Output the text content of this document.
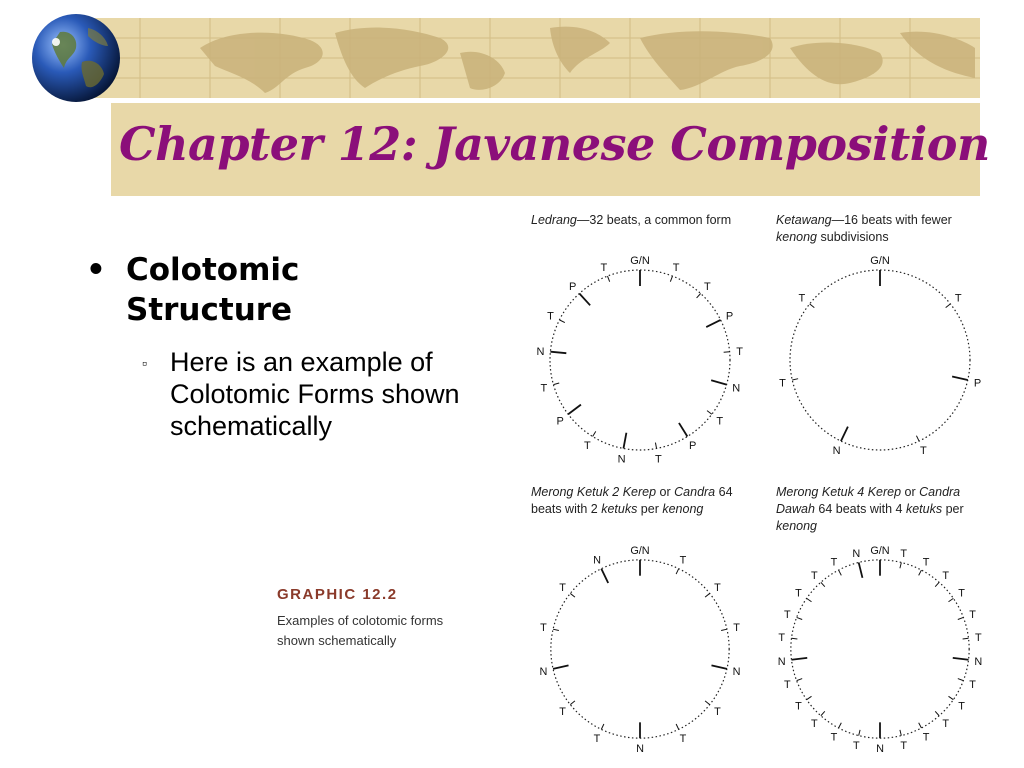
Chapter 12: Javanese Composition
• Colotomic Structure
▫ Here is an example of Colotomic Forms shown schematically
GRAPHIC 12.2
Examples of colotomic forms shown schematically
Ledrang—32 beats, a common form	Ketawang—16 beats with fewer kenong subdivisions
Merong Ketuk 2 Kerep or Candra 64 beats with 2 ketuks per kenong
Merong Ketuk 4 Kerep or Candra Dawah 64 beats with 4 ketuks per kenong
G/N
T
T
P
T
N
T
P
T
N
T
P
T
N
T
P
T
G/N
T
P
T
N
T
T
G/N
T
T
T
N
T
T
N
T
T
N
T
T
N
G/N T
T
T
T
T
T
N
T
T
T
T
T
N
T
T
T
T
T
N
T
T
T
T
T
N
